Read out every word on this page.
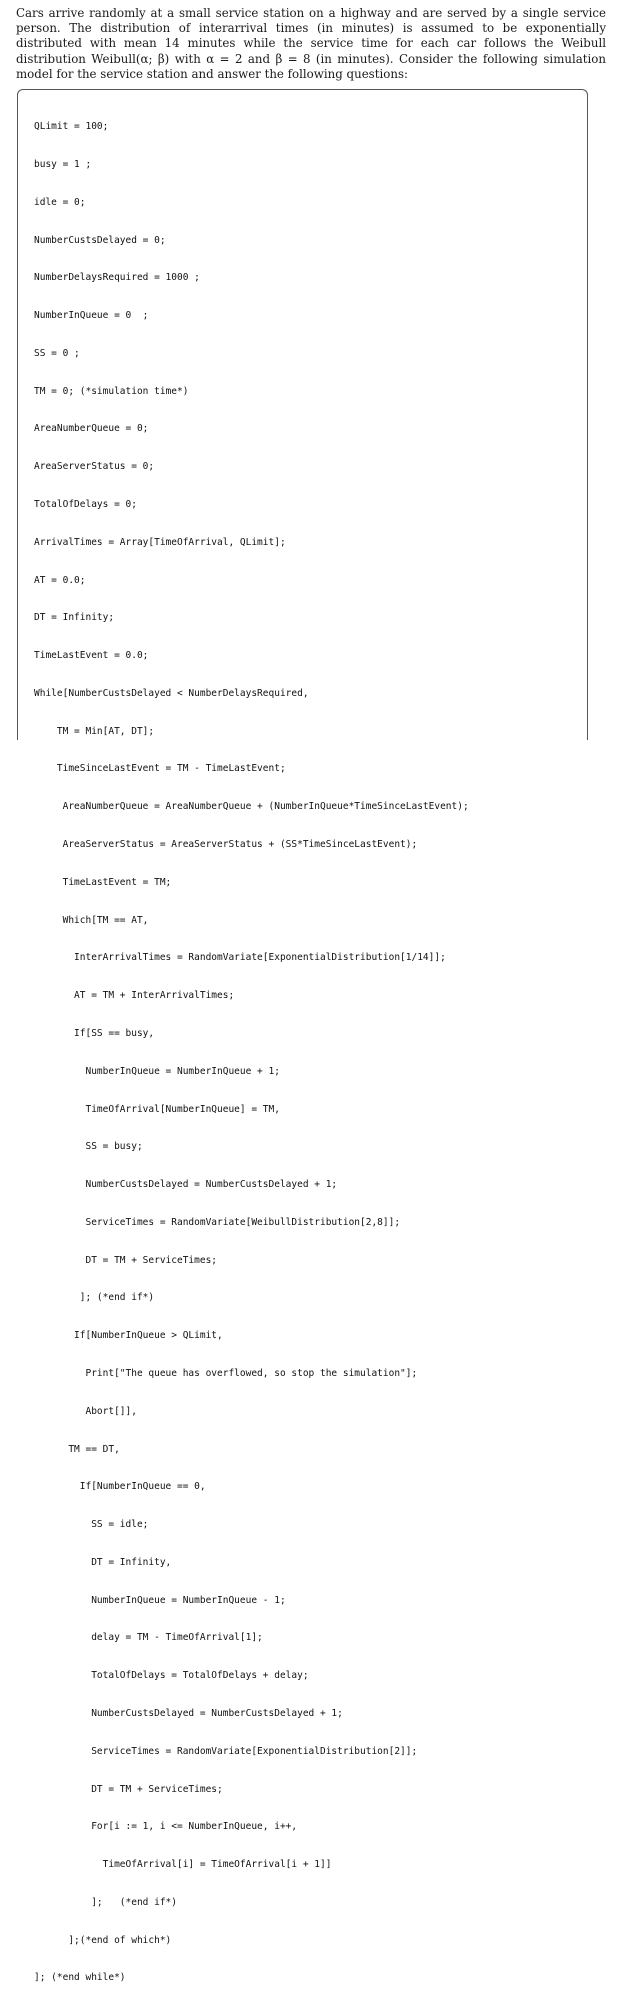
Cars arrive randomly at a small service station on a highway and are served by a single service person. The distribution of interarrival times (in minutes) is assumed to be exponentially distributed with mean 14 minutes while the service time for each car follows the Weibull distribution Weibull(α; β) with α = 2 and β = 8 (in minutes). Consider the following simulation model for the service station and answer the following questions:

QLimit = 100;

busy = 1 ;

idle = 0;

NumberCustsDelayed = 0;

NumberDelaysRequired = 1000 ;

NumberInQueue = 0  ;

SS = 0 ;

TM = 0; (*simulation time*)

AreaNumberQueue = 0;

AreaServerStatus = 0;

TotalOfDelays = 0;

ArrivalTimes = Array[TimeOfArrival, QLimit];

AT = 0.0;

DT = Infinity;

TimeLastEvent = 0.0;

While[NumberCustsDelayed < NumberDelaysRequired,

TM = Min[AT, DT];

TimeSinceLastEvent = TM - TimeLastEvent;

AreaNumberQueue = AreaNumberQueue + (NumberInQueue*TimeSinceLastEvent);

AreaServerStatus = AreaServerStatus + (SS*TimeSinceLastEvent);

TimeLastEvent = TM;

Which[TM == AT,

InterArrivalTimes = RandomVariate[ExponentialDistribution[1/14]];

AT = TM + InterArrivalTimes;

If[SS == busy,

NumberInQueue = NumberInQueue + 1;

TimeOfArrival[NumberInQueue] = TM,

SS = busy;

NumberCustsDelayed = NumberCustsDelayed + 1;

ServiceTimes = RandomVariate[WeibullDistribution[2,8]];

DT = TM + ServiceTimes;

]; (*end if*)

If[NumberInQueue > QLimit,

Print["The queue has overflowed, so stop the simulation"];

Abort[]],

TM == DT,

If[NumberInQueue == 0,

SS = idle;

DT = Infinity,

NumberInQueue = NumberInQueue - 1;

delay = TM - TimeOfArrival[1];

TotalOfDelays = TotalOfDelays + delay;

NumberCustsDelayed = NumberCustsDelayed + 1;

ServiceTimes = RandomVariate[ExponentialDistribution[2]];

DT = TM + ServiceTimes;

For[i := 1, i <= NumberInQueue, i++,

TimeOfArrival[i] = TimeOfArrival[i + 1]]

];   (*end if*)

];(*end of which*)

]; (*end while*)
